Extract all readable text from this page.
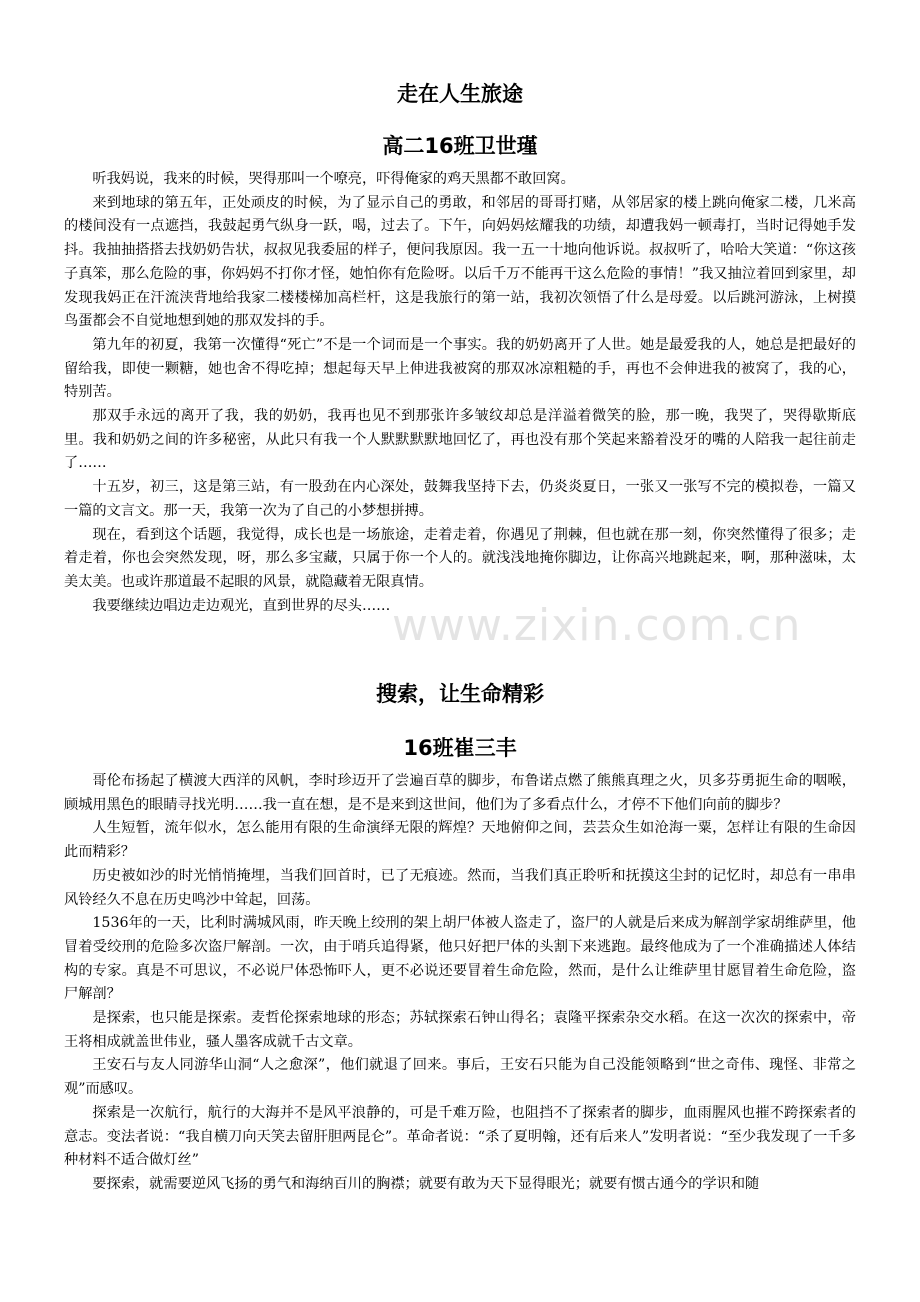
www.zixin.com.cn
走在人生旅途
高二16班卫世瑾

听我妈说，我来的时候，哭得那叫一个嘹亮，吓得俺家的鸡天黑都不敢回窝。

来到地球的第五年，正处顽皮的时候，为了显示自己的勇敢，和邻居的哥哥打赌，从邻居家的楼上跳向俺家二楼，几米高的楼间没有一点遮挡，我鼓起勇气纵身一跃，喝，过去了。下午，向妈妈炫耀我的功绩，却遭我妈一顿毒打，当时记得她手发抖。我抽抽搭搭去找奶奶告状，叔叔见我委屈的样子，便问我原因。我一五一十地向他诉说。叔叔听了，哈哈大笑道：“你这孩子真笨，那么危险的事，你妈妈不打你才怪，她怕你有危险呀。以后千万不能再干这么危险的事情！”我又抽泣着回到家里，却发现我妈正在汗流浃背地给我家二楼楼梯加高栏杆，这是我旅行的第一站，我初次领悟了什么是母爱。以后跳河游泳，上树摸鸟蛋都会不自觉地想到她的那双发抖的手。

第九年的初夏，我第一次懂得“死亡”不是一个词而是一个事实。我的奶奶离开了人世。她是最爱我的人，她总是把最好的留给我，即使一颗糖，她也舍不得吃掉；想起每天早上伸进我被窝的那双冰凉粗糙的手，再也不会伸进我的被窝了，我的心，特别苦。

那双手永远的离开了我，我的奶奶，我再也见不到那张许多皱纹却总是洋溢着微笑的脸，那一晚，我哭了，哭得歇斯底里。我和奶奶之间的许多秘密，从此只有我一个人默默默默地回忆了，再也没有那个笑起来豁着没牙的嘴的人陪我一起往前走了……

十五岁，初三，这是第三站，有一股劲在内心深处，鼓舞我坚持下去，仍炎炎夏日，一张又一张写不完的模拟卷，一篇又一篇的文言文。那一天，我第一次为了自己的小梦想拼搏。

现在，看到这个话题，我觉得，成长也是一场旅途，走着走着，你遇见了荆棘，但也就在那一刻，你突然懂得了很多；走着走着，你也会突然发现，呀，那么多宝藏，只属于你一个人的。就浅浅地掩你脚边，让你高兴地跳起来，啊，那种滋味，太美太美。也或许那道最不起眼的风景，就隐藏着无限真情。

我要继续边唱边走边观光，直到世界的尽头……

搜索，让生命精彩
16班崔三丰

哥伦布扬起了横渡大西洋的风帆，李时珍迈开了尝遍百草的脚步，布鲁诺点燃了熊熊真理之火，贝多芬勇扼生命的咽喉，顾城用黑色的眼睛寻找光明……我一直在想，是不是来到这世间，他们为了多看点什么，才停不下他们向前的脚步？

人生短暂，流年似水，怎么能用有限的生命演绎无限的辉煌？天地俯仰之间，芸芸众生如沧海一粟，怎样让有限的生命因此而精彩？

历史被如沙的时光悄悄掩埋，当我们回首时，已了无痕迹。然而，当我们真正聆听和抚摸这尘封的记忆时，却总有一串串风铃经久不息在历史鸣沙中耸起，回荡。

1536年的一天，比利时满城风雨，昨天晚上绞刑的架上胡尸体被人盗走了，盗尸的人就是后来成为解剖学家胡维萨里，他冒着受绞刑的危险多次盗尸解剖。一次，由于哨兵追得紧，他只好把尸体的头割下来逃跑。最终他成为了一个准确描述人体结构的专家。真是不可思议，不必说尸体恐怖吓人，更不必说还要冒着生命危险，然而，是什么让维萨里甘愿冒着生命危险，盗尸解剖？

是探索，也只能是探索。麦哲伦探索地球的形态；苏轼探索石钟山得名；袁隆平探索杂交水稻。在这一次次的探索中，帝王将相成就盖世伟业，骚人墨客成就千古文章。

王安石与友人同游华山洞“人之愈深”，他们就退了回来。事后，王安石只能为自己没能领略到“世之奇伟、瑰怪、非常之观”而感叹。

探索是一次航行，航行的大海并不是风平浪静的，可是千难万险，也阻挡不了探索者的脚步，血雨腥风也摧不跨探索者的意志。变法者说：“我自横刀向天笑去留肝胆两昆仑”。革命者说：“杀了夏明翰，还有后来人”发明者说：“至少我发现了一千多种材料不适合做灯丝”

要探索，就需要逆风飞扬的勇气和海纳百川的胸襟；就要有敢为天下显得眼光；就要有惯古通今的学识和随
